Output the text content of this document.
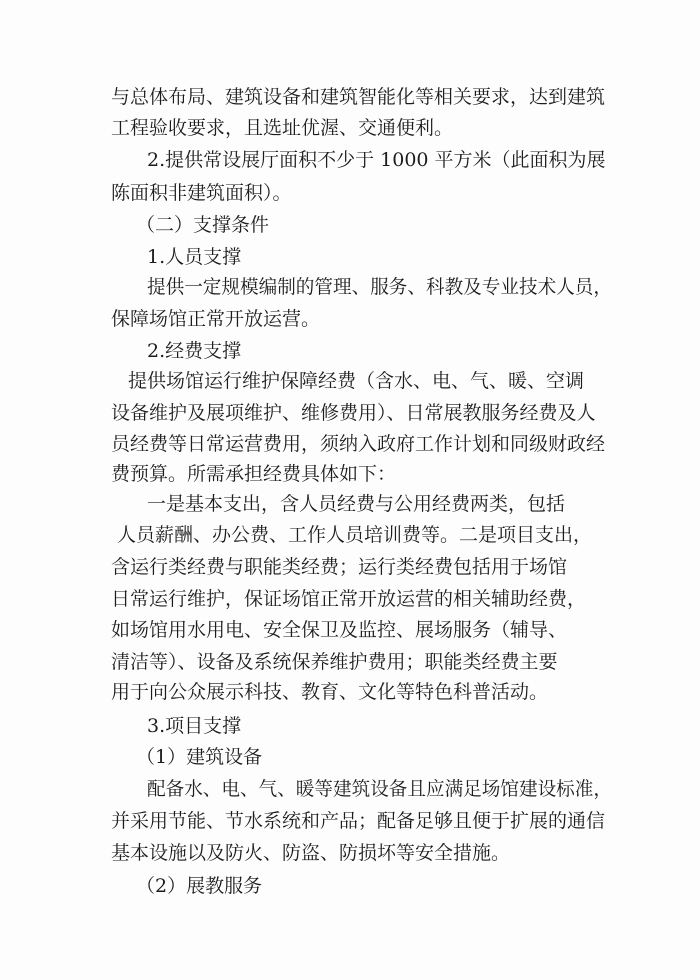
与总体布局、建筑设备和建筑智能化等相关要求，达到建筑

工程验收要求，且选址优渥、交通便利。

2.提供常设展厅面积不少于 1000 平方米（此面积为展

陈面积非建筑面积）。

（二）支撑条件

1.人员支撑

提供一定规模编制的管理、服务、科教及专业技术人员，

保障场馆正常开放运营。

2.经费支撑

提供场馆运行维护保障经费（含水、电、气、暖、空调

设备维护及展项维护、维修费用）、日常展教服务经费及人

员经费等日常运营费用，须纳入政府工作计划和同级财政经

费预算。所需承担经费具体如下：

一是基本支出，含人员经费与公用经费两类，包括

人员薪酬、办公费、工作人员培训费等。二是项目支出，

含运行类经费与职能类经费；运行类经费包括用于场馆

日常运行维护，保证场馆正常开放运营的相关辅助经费，

如场馆用水用电、安全保卫及监控、展场服务（辅导、

清洁等）、设备及系统保养维护费用；职能类经费主要

用于向公众展示科技、教育、文化等特色科普活动。

3.项目支撑

（1）建筑设备

配备水、电、气、暖等建筑设备且应满足场馆建设标准，

并采用节能、节水系统和产品；配备足够且便于扩展的通信

基本设施以及防火、防盗、防损坏等安全措施。

（2）展教服务
